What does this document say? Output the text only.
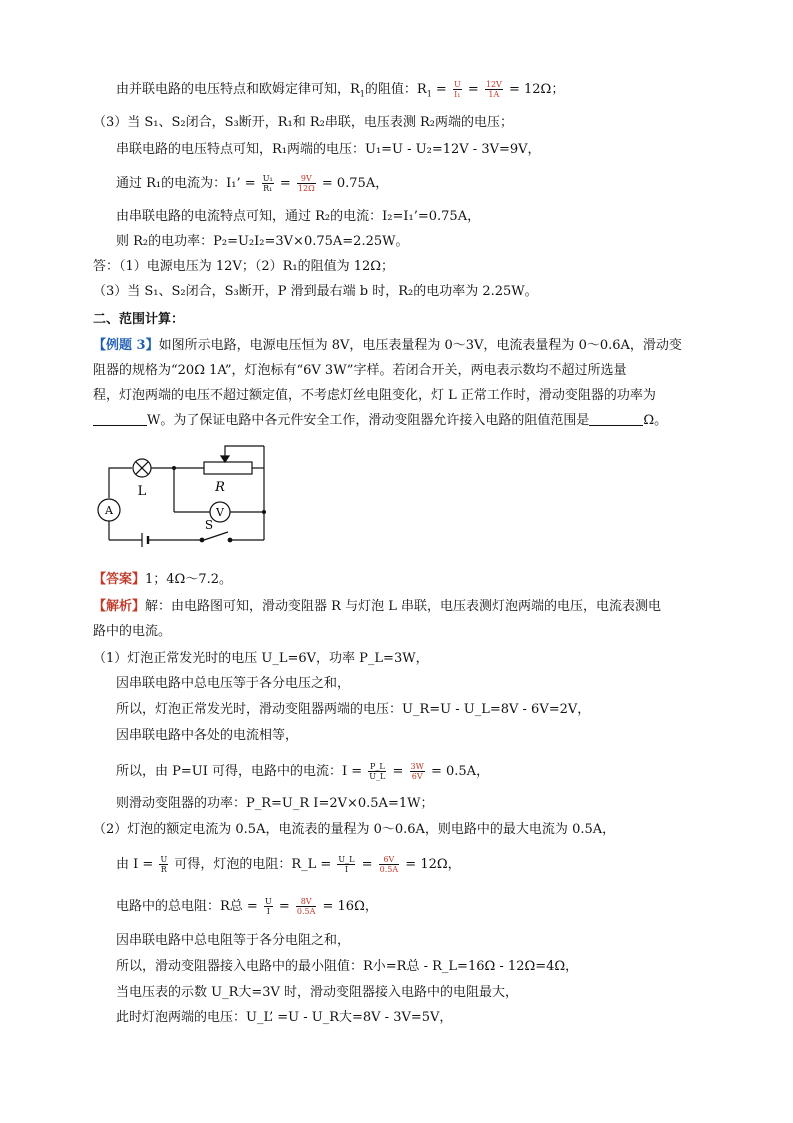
由并联电路的电压特点和欧姆定律可知，$R_1$的阻值：$R_1 = \frac{U}{\text{I₁}} = \frac{12V}{1A} = 12\Omega$；
（3）当 S₁、S₂闭合，S₃断开，R₁和 R₂串联，电压表测 R₂两端的电压；
串联电路的电压特点可知，R₁两端的电压：U₁=U - U₂=12V - 3V=9V，
通过 R₁的电流为：I₁’ = $\frac{\text{U₁}}{\text{R₁}} = \frac{9V}{12\Omega} = 0.75A$，
由串联电路的电流特点可知，通过 R₂的电流：I₂=I₁’=0.75A，
则 R₂的电功率：P₂=U₂I₂=3V×0.75A=2.25W。
答：（1）电源电压为 12V；（2）R₁的阻值为 12Ω；
（3）当 S₁、S₂闭合，S₃断开，P 滑到最右端 b 时，R₂的电功率为 2.25W。
二、范围计算：
【例题 3】如图所示电路，电源电压恒为 8V，电压表量程为 0～3V，电流表量程为 0～0.6A，滑动变
阻器的规格为“20Ω 1A”，灯泡标有“6V 3W”字样。若闭合开关，两电表示数均不超过所选量
程，灯泡两端的电压不超过额定值，不考虑灯丝电阻变化，灯 L 正常工作时，滑动变阻器的功率为
W。为了保证电路中各元件安全工作，滑动变阻器允许接入电路的阻值范围是	Ω。
L	R
A	V
S
【答案】1；4Ω～7.2。
【解析】解：由电路图可知，滑动变阻器 R 与灯泡 L 串联，电压表测灯泡两端的电压，电流表测电
路中的电流。
（1）灯泡正常发光时的电压 U_L=6V，功率 P_L=3W，
因串联电路中总电压等于各分电压之和，
所以，灯泡正常发光时，滑动变阻器两端的电压：U_R=U - U_L=8V - 6V=2V，
因串联电路中各处的电流相等，
所以，由 P=UI 可得，电路中的电流：$I = \frac{P\_L}{U\_L} = \frac{3W}{6V} = 0.5A$，
则滑动变阻器的功率：P_R=U_R I=2V×0.5A=1W；
（2）灯泡的额定电流为 0.5A，电流表的量程为 0～0.6A，则电路中的最大电流为 0.5A，
由 $I = \frac{U}{R}$ 可得，灯泡的电阻：R_L = $\frac{U\_L}{I} = \frac{6V}{0.5A} = 12\Omega$，
电路中的总电阻：R总 = $\frac{U}{I} = \frac{8V}{0.5A} = 16\Omega$，
因串联电路中总电阻等于各分电阻之和，
所以，滑动变阻器接入电路中的最小阻值：R小=R总 - R_L=16Ω - 12Ω=4Ω，
当电压表的示数 U_R大=3V 时，滑动变阻器接入电路中的电阻最大，
此时灯泡两端的电压：U_L’ =U - U_R大=8V - 3V=5V，
